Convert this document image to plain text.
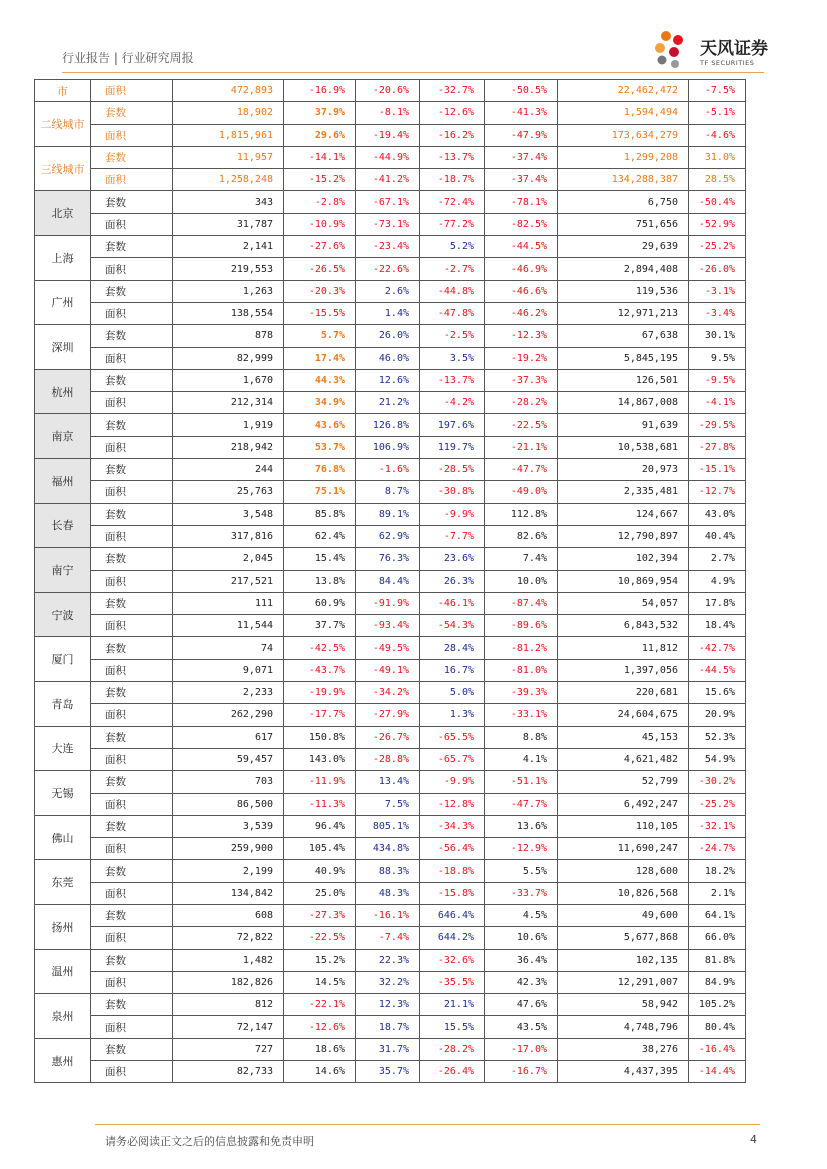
行业报告 | 行业研究周报	天风证券
TF SECURITIES
市	面积	472,893	-16.9%	-20.6%	-32.7%	-50.5%	22,462,472	-7.5%
二线城市	套数	18,902	37.9%	-8.1%	-12.6%	-41.3%	1,594,494	-5.1%
	面积	1,815,961	29.6%	-19.4%	-16.2%	-47.9%	173,634,279	-4.6%
三线城市	套数	11,957	-14.1%	-44.9%	-13.7%	-37.4%	1,299,208	31.0%
	面积	1,258,248	-15.2%	-41.2%	-18.7%	-37.4%	134,288,387	28.5%
北京	套数	343	-2.8%	-67.1%	-72.4%	-78.1%	6,750	-50.4%
	面积	31,787	-10.9%	-73.1%	-77.2%	-82.5%	751,656	-52.9%
上海	套数	2,141	-27.6%	-23.4%	5.2%	-44.5%	29,639	-25.2%
	面积	219,553	-26.5%	-22.6%	-2.7%	-46.9%	2,894,408	-26.0%
广州	套数	1,263	-20.3%	2.6%	-44.8%	-46.6%	119,536	-3.1%
	面积	138,554	-15.5%	1.4%	-47.8%	-46.2%	12,971,213	-3.4%
深圳	套数	878	5.7%	26.0%	-2.5%	-12.3%	67,638	30.1%
	面积	82,999	17.4%	46.0%	3.5%	-19.2%	5,845,195	9.5%
杭州	套数	1,670	44.3%	12.6%	-13.7%	-37.3%	126,501	-9.5%
	面积	212,314	34.9%	21.2%	-4.2%	-28.2%	14,867,008	-4.1%
南京	套数	1,919	43.6%	126.8%	197.6%	-22.5%	91,639	-29.5%
	面积	218,942	53.7%	106.9%	119.7%	-21.1%	10,538,681	-27.8%
福州	套数	244	76.8%	-1.6%	-28.5%	-47.7%	20,973	-15.1%
	面积	25,763	75.1%	8.7%	-30.8%	-49.0%	2,335,481	-12.7%
长春	套数	3,548	85.8%	89.1%	-9.9%	112.8%	124,667	43.0%
	面积	317,816	62.4%	62.9%	-7.7%	82.6%	12,790,897	40.4%
南宁	套数	2,045	15.4%	76.3%	23.6%	7.4%	102,394	2.7%
	面积	217,521	13.8%	84.4%	26.3%	10.0%	10,869,954	4.9%
宁波	套数	111	60.9%	-91.9%	-46.1%	-87.4%	54,057	17.8%
	面积	11,544	37.7%	-93.4%	-54.3%	-89.6%	6,843,532	18.4%
厦门	套数	74	-42.5%	-49.5%	28.4%	-81.2%	11,812	-42.7%
	面积	9,071	-43.7%	-49.1%	16.7%	-81.0%	1,397,056	-44.5%
青岛	套数	2,233	-19.9%	-34.2%	5.0%	-39.3%	220,681	15.6%
	面积	262,290	-17.7%	-27.9%	1.3%	-33.1%	24,604,675	20.9%
大连	套数	617	150.8%	-26.7%	-65.5%	8.8%	45,153	52.3%
	面积	59,457	143.0%	-28.8%	-65.7%	4.1%	4,621,482	54.9%
无锡	套数	703	-11.9%	13.4%	-9.9%	-51.1%	52,799	-30.2%
	面积	86,500	-11.3%	7.5%	-12.8%	-47.7%	6,492,247	-25.2%
佛山	套数	3,539	96.4%	805.1%	-34.3%	13.6%	110,105	-32.1%
	面积	259,900	105.4%	434.8%	-56.4%	-12.9%	11,690,247	-24.7%
东莞	套数	2,199	40.9%	88.3%	-18.8%	5.5%	128,600	18.2%
	面积	134,842	25.0%	48.3%	-15.8%	-33.7%	10,826,568	2.1%
扬州	套数	608	-27.3%	-16.1%	646.4%	4.5%	49,600	64.1%
	面积	72,822	-22.5%	-7.4%	644.2%	10.6%	5,677,868	66.0%
温州	套数	1,482	15.2%	22.3%	-32.6%	36.4%	102,135	81.8%
	面积	182,826	14.5%	32.2%	-35.5%	42.3%	12,291,007	84.9%
泉州	套数	812	-22.1%	12.3%	21.1%	47.6%	58,942	105.2%
	面积	72,147	-12.6%	18.7%	15.5%	43.5%	4,748,796	80.4%
惠州	套数	727	18.6%	31.7%	-28.2%	-17.0%	38,276	-16.4%
	面积	82,733	14.6%	35.7%	-26.4%	-16.7%	4,437,395	-14.4%
请务必阅读正文之后的信息披露和免责申明	4
